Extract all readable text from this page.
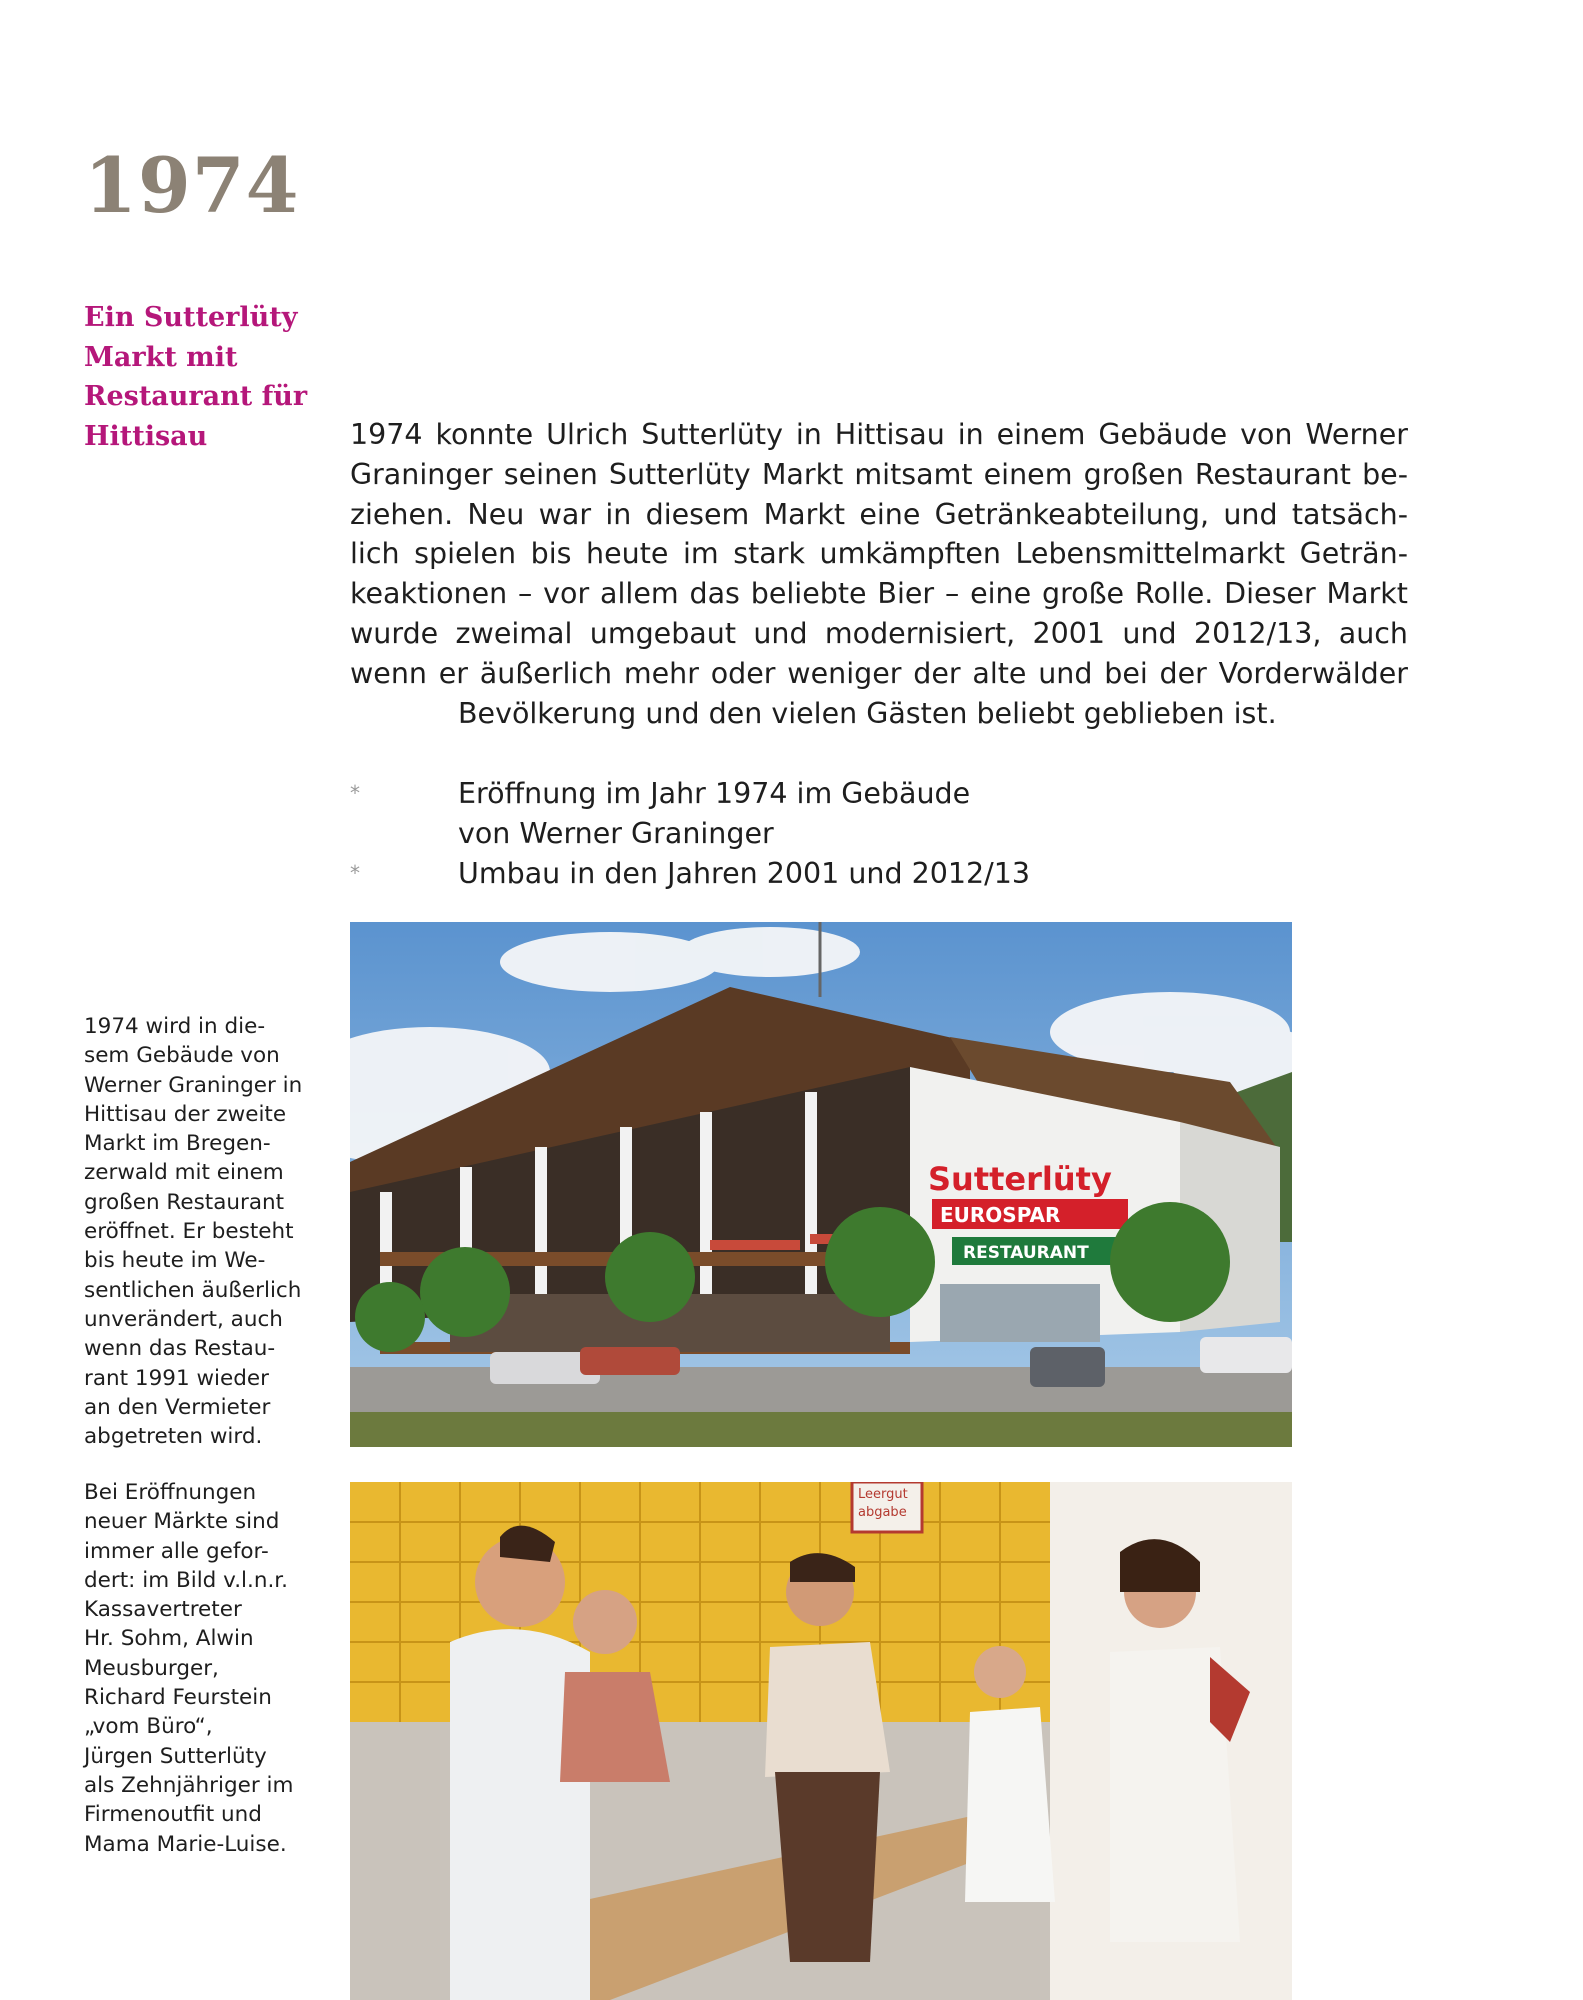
1974
Ein Sutterlüty
Markt mit
Restaurant für
Hittisau	1974 konnte Ulrich Sutterlüty in Hittisau in einem Gebäude von Werner
Graninger seinen Sutterlüty Markt mitsamt einem großen Restaurant be-
ziehen. Neu war in diesem Markt eine Getränkeabteilung, und tatsäch-
lich spielen bis heute im stark umkämpften Lebensmittelmarkt Geträn-
keaktionen – vor allem das beliebte Bier – eine große Rolle. Dieser Markt
wurde zweimal umgebaut und modernisiert, 2001 und 2012/13, auch
wenn er äußerlich mehr oder weniger der alte und bei der Vorderwälder
Bevölkerung und den vielen Gästen beliebt geblieben ist.
*	Eröffnung im Jahr 1974 im Gebäude
von Werner Graninger
*	Umbau in den Jahren 2001 und 2012/13
1974 wird in die-
sem Gebäude von
Werner Graninger in
Hittisau der zweite
Markt im Bregen-
zerwald mit einem
großen Restaurant
eröffnet. Er besteht
bis heute im We-
sentlichen äußerlich
unverändert, auch
wenn das Restau-
rant 1991 wieder
an den Vermieter
abgetreten wird.
Bei Eröffnungen
neuer Märkte sind
immer alle gefor-
dert: im Bild v.l.n.r.
Kassavertreter
Hr. Sohm, Alwin
Meusburger,
Richard Feurstein
„vom Büro“,
Jürgen Sutterlüty
als Zehnjähriger im
Firmenoutfit und
Mama Marie-Luise.
Sutterlüty
EUROSPAR
RESTAURANT
Leergut
abgabe
